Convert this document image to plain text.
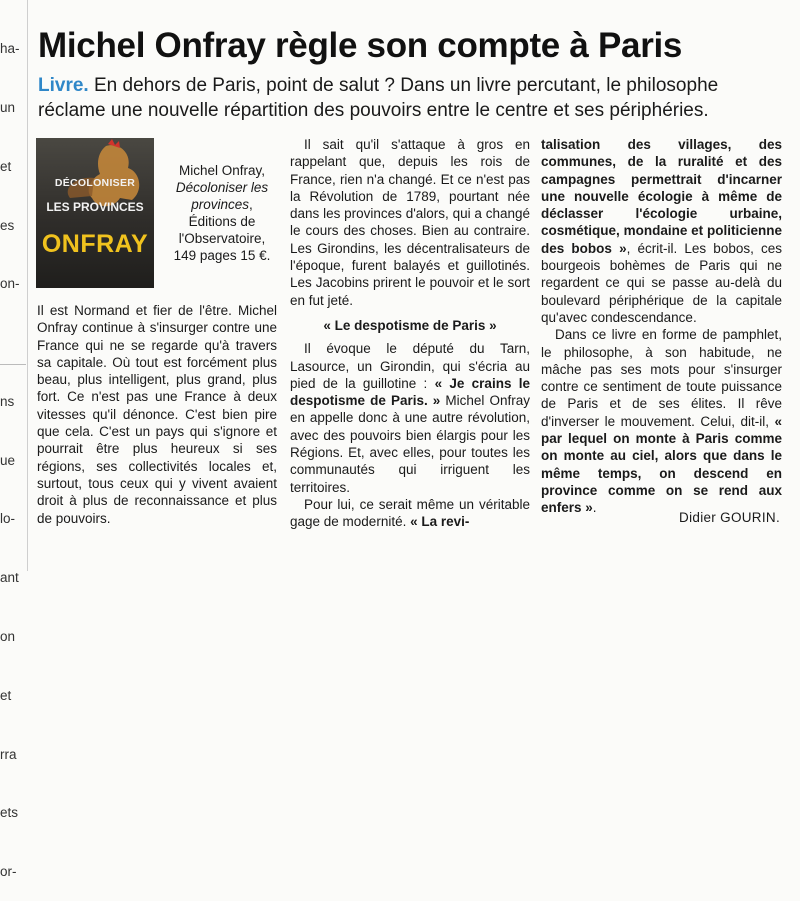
ha-

un

et

es

on-

ns

ue

lo-

ant

on

et

rra

ets

or-

Michel Onfray règle son compte à Paris
Livre. En dehors de Paris, point de salut ? Dans un livre percutant, le philosophe réclame une nouvelle répartition des pouvoirs entre le centre et ses périphéries.
DÉCOLONISER
LES PROVINCES
ONFRAY
Michel Onfray,
Décoloniser les provinces, Éditions de l'Observatoire,
149 pages 15 €.

Il est Normand et fier de l'être. Michel Onfray continue à s'insurger contre une France qui ne se regarde qu'à travers sa capitale. Où tout est forcément plus beau, plus intelligent, plus grand, plus fort. Ce n'est pas une France à deux vitesses qu'il dénonce. C'est bien pire que cela. C'est un pays qui s'ignore et pourrait être plus heureux si ses régions, ses collectivités locales et, surtout, tous ceux qui y vivent avaient droit à plus de reconnaissance et plus de pouvoirs.

Il sait qu'il s'attaque à gros en rappelant que, depuis les rois de France, rien n'a changé. Et ce n'est pas la Révolution de 1789, pourtant née dans les provinces d'alors, qui a changé le cours des choses. Bien au contraire. Les Girondins, les décentralisateurs de l'époque, furent balayés et guillotinés. Les Jacobins prirent le pouvoir et le sort en fut jeté.

« Le despotisme de Paris »

Il évoque le député du Tarn, Lasource, un Girondin, qui s'écria au pied de la guillotine : « Je crains le despotisme de Paris. » Michel Onfray en appelle donc à une autre révolution, avec des pouvoirs bien élargis pour les Régions. Et, avec elles, pour toutes les communautés qui irriguent les territoires.

Pour lui, ce serait même un véritable gage de modernité. « La revi-

talisation des villages, des communes, de la ruralité et des campagnes permettrait d'incarner une nouvelle écologie à même de déclasser l'écologie urbaine, cosmétique, mondaine et politicienne des bobos », écrit-il. Les bobos, ces bourgeois bohèmes de Paris qui ne regardent ce qui se passe au-delà du boulevard périphérique de la capitale qu'avec condescendance.

Dans ce livre en forme de pamphlet, le philosophe, à son habitude, ne mâche pas ses mots pour s'insurger contre ce sentiment de toute puissance de Paris et de ses élites. Il rêve d'inverser le mouvement. Celui, dit-il, « par lequel on monte à Paris comme on monte au ciel, alors que dans le même temps, on descend en province comme on se rend aux enfers ».

Didier GOURIN.
